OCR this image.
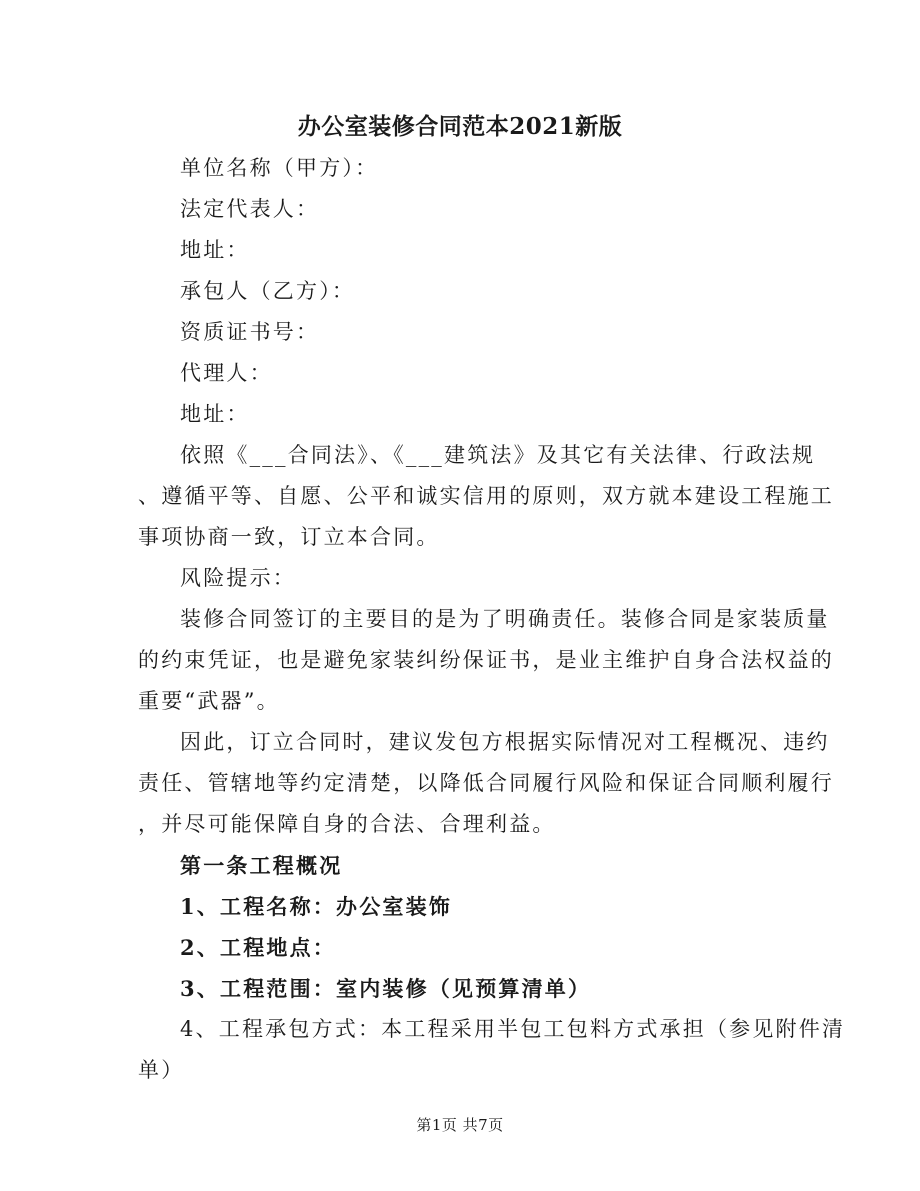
办公室装修合同范本2021新版
单位名称（甲方）：
法定代表人：
地址：
承包人（乙方）：
资质证书号：
代理人：
地址：
依照《___合同法》、《___建筑法》及其它有关法律、行政法规
、遵循平等、自愿、公平和诚实信用的原则，双方就本建设工程施工
事项协商一致，订立本合同。
风险提示：
装修合同签订的主要目的是为了明确责任。装修合同是家装质量
的约束凭证，也是避免家装纠纷保证书，是业主维护自身合法权益的
重要“武器”。
因此，订立合同时，建议发包方根据实际情况对工程概况、违约
责任、管辖地等约定清楚，以降低合同履行风险和保证合同顺利履行
，并尽可能保障自身的合法、合理利益。
第一条工程概况
1、工程名称：办公室装饰
2、工程地点：
3、工程范围：室内装修（见预算清单）
4、工程承包方式：本工程采用半包工包料方式承担（参见附件清
单）
第1页 共7页
